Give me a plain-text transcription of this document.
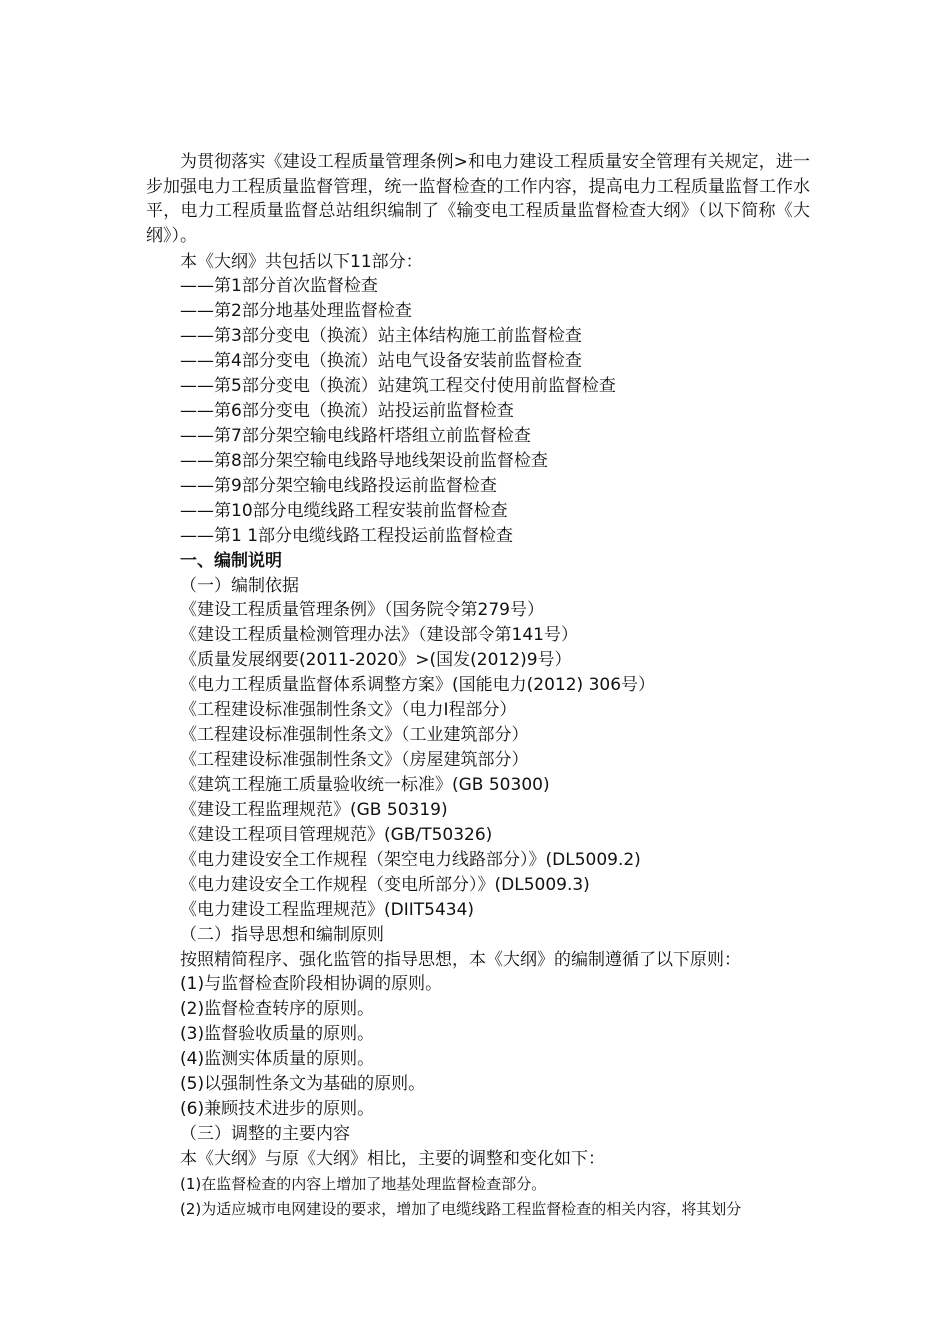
为贯彻落实《建设工程质量管理条例>和电力建设工程质量安全管理有关规定，进一步加强电力工程质量监督管理，统一监督检查的工作内容，提高电力工程质量监督工作水平，电力工程质量监督总站组织编制了《输变电工程质量监督检查大纲》（以下简称《大纲》）。
本《大纲》共包括以下11部分：
——第1部分首次监督检查
——第2部分地基处理监督检查
——第3部分变电（换流）站主体结构施工前监督检查
——第4部分变电（换流）站电气设备安装前监督检查
——第5部分变电（换流）站建筑工程交付使用前监督检查
——第6部分变电（换流）站投运前监督检查
——第7部分架空输电线路杆塔组立前监督检查
——第8部分架空输电线路导地线架设前监督检查
——第9部分架空输电线路投运前监督检查
——第10部分电缆线路工程安装前监督检查
——第1 1部分电缆线路工程投运前监督检查
一、编制说明
（一）编制依据
《建设工程质量管理条例》（国务院令第279号）
《建设工程质量检测管理办法》（建设部令第141号）
《质量发展纲要(2011-2020》>(国发(2012)9号）
《电力工程质量监督体系调整方案》(国能电力(2012) 306号）
《工程建设标准强制性条文》（电力I程部分）
《工程建设标准强制性条文》（工业建筑部分）
《工程建设标准强制性条文》（房屋建筑部分）
《建筑工程施工质量验收统一标准》(GB 50300)
《建设工程监理规范》(GB 50319)
《建设工程项目管理规范》(GB/T50326)
《电力建设安全工作规程（架空电力线路部分）》(DL5009.2)
《电力建设安全工作规程（变电所部分）》(DL5009.3)
《电力建设工程监理规范》(DIIT5434)
（二）指导思想和编制原则
按照精简程序、强化监管的指导思想，本《大纲》的编制遵循了以下原则：
(1)与监督检查阶段相协调的原则。
(2)监督检查转序的原则。
(3)监督验收质量的原则。
(4)监测实体质量的原则。
(5)以强制性条文为基础的原则。
(6)兼顾技术进步的原则。
（三）调整的主要内容
本《大纲》与原《大纲》相比，主要的调整和变化如下：
(1)在监督检查的内容上增加了地基处理监督检查部分。
(2)为适应城市电网建设的要求，增加了电缆线路工程监督检查的相关内容，将其划分
